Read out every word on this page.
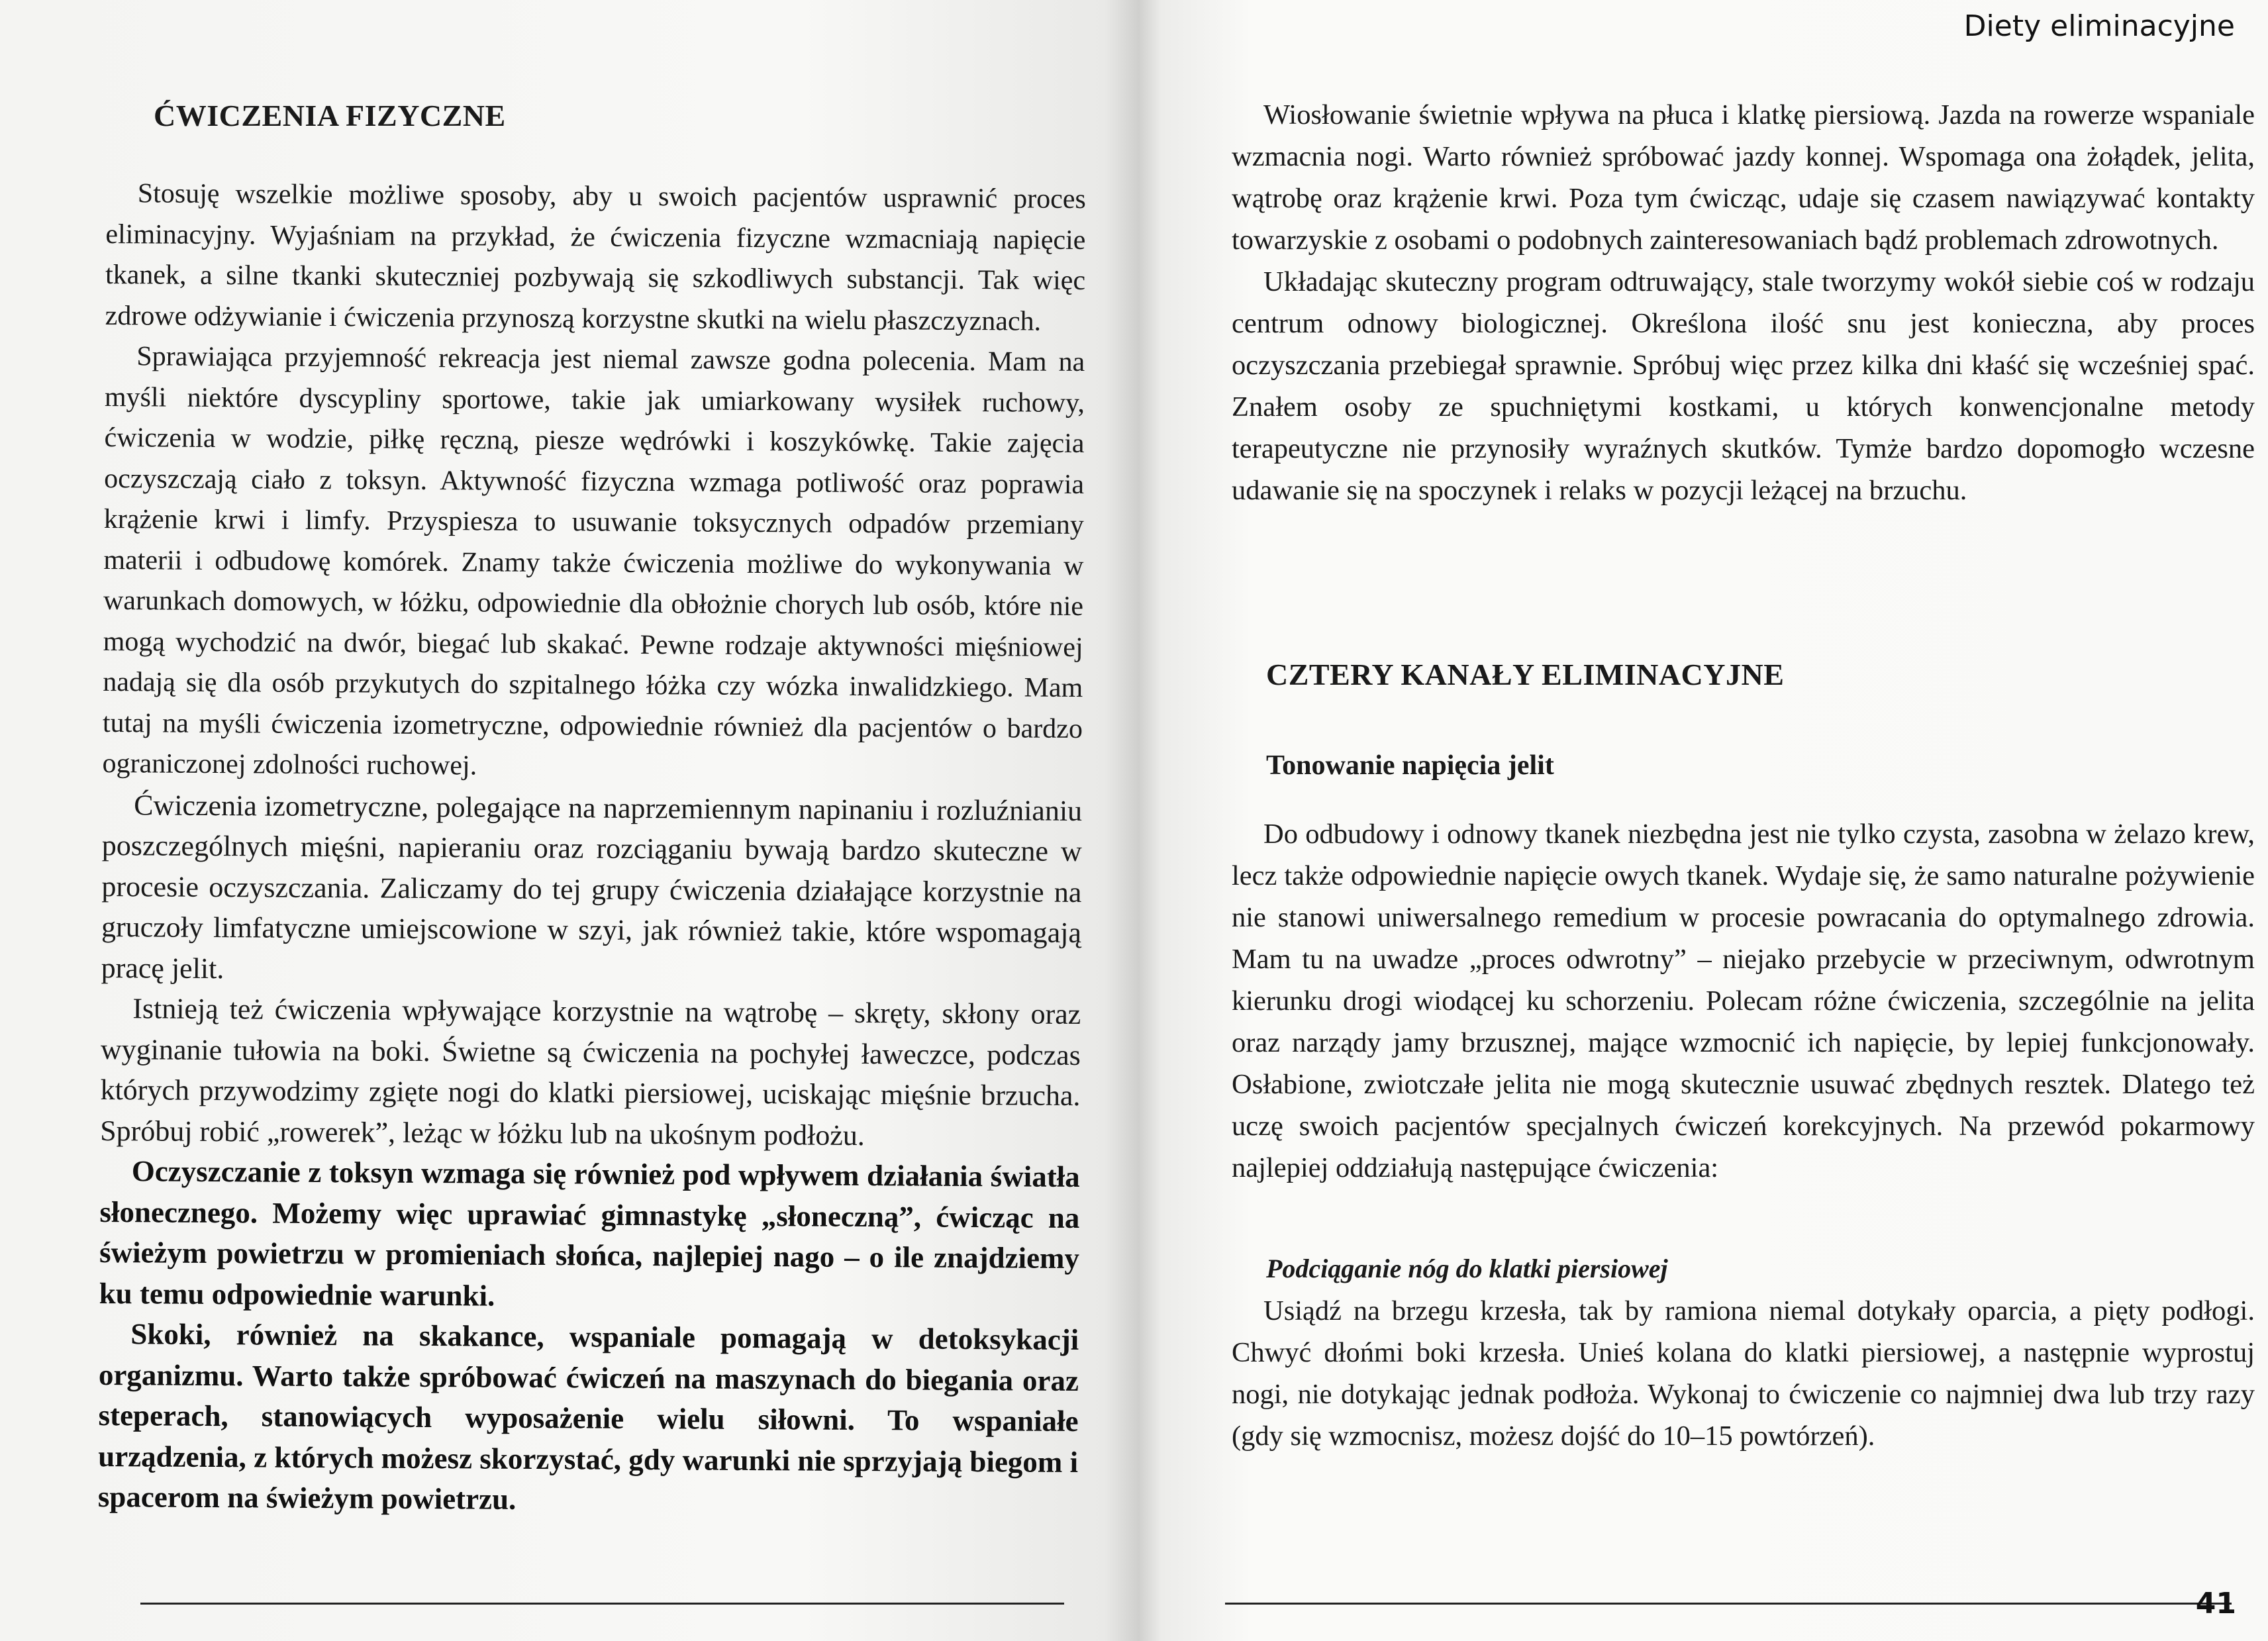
ĆWICZENIA FIZYCZNE

Stosuję wszelkie możliwe sposoby, aby u swoich pacjentów usprawnić proces eliminacyjny. Wyjaśniam na przykład, że ćwiczenia fizyczne wzmacniają napięcie tkanek, a silne tkanki skuteczniej pozbywają się szkodliwych substancji. Tak więc zdrowe odżywianie i ćwiczenia przynoszą korzystne skutki na wielu płaszczyznach.

Sprawiająca przyjemność rekreacja jest niemal zawsze godna polecenia. Mam na myśli niektóre dyscypliny sportowe, takie jak umiarkowany wysiłek ruchowy, ćwiczenia w wodzie, piłkę ręczną, piesze wędrówki i koszykówkę. Takie zajęcia oczyszczają ciało z toksyn. Aktywność fizyczna wzmaga potliwość oraz poprawia krążenie krwi i limfy. Przyspiesza to usuwanie toksycznych odpadów przemiany materii i odbudowę komórek. Znamy także ćwiczenia możliwe do wykonywania w warunkach domowych, w łóżku, odpowiednie dla obłożnie chorych lub osób, które nie mogą wychodzić na dwór, biegać lub skakać. Pewne rodzaje aktywności mięśniowej nadają się dla osób przykutych do szpitalnego łóżka czy wózka inwalidzkiego. Mam tutaj na myśli ćwiczenia izometryczne, odpowiednie również dla pacjentów o bardzo ograniczonej zdolności ruchowej.

Ćwiczenia izometryczne, polegające na naprzemiennym napinaniu i rozluźnianiu poszczególnych mięśni, napieraniu oraz rozciąganiu bywają bardzo skuteczne w procesie oczyszczania. Zaliczamy do tej grupy ćwiczenia działające korzystnie na gruczoły limfatyczne umiejscowione w szyi, jak również takie, które wspomagają pracę jelit.

Istnieją też ćwiczenia wpływające korzystnie na wątrobę – skręty, skłony oraz wyginanie tułowia na boki. Świetne są ćwiczenia na pochyłej ławeczce, podczas których przywodzimy zgięte nogi do klatki piersiowej, uciskając mięśnie brzucha. Spróbuj robić „rowerek”, leżąc w łóżku lub na ukośnym podłożu.

Oczyszczanie z toksyn wzmaga się również pod wpływem działania światła słonecznego. Możemy więc uprawiać gimnastykę „słoneczną”, ćwicząc na świeżym powietrzu w promieniach słońca, najlepiej nago – o ile znajdziemy ku temu odpowiednie warunki.

Skoki, również na skakance, wspaniale pomagają w detoksykacji organizmu. Warto także spróbować ćwiczeń na maszynach do biegania oraz steperach, stanowiących wyposażenie wielu siłowni. To wspaniałe urządzenia, z których możesz skorzystać, gdy warunki nie sprzyjają biegom i spacerom na świeżym powietrzu.

Diety eliminacyjne

Wiosłowanie świetnie wpływa na płuca i klatkę piersiową. Jazda na rowerze wspaniale wzmacnia nogi. Warto również spróbować jazdy konnej. Wspomaga ona żołądek, jelita, wątrobę oraz krążenie krwi. Poza tym ćwicząc, udaje się czasem nawiązywać kontakty towarzyskie z osobami o podobnych zainteresowaniach bądź problemach zdrowotnych.

Układając skuteczny program odtruwający, stale tworzymy wokół siebie coś w rodzaju centrum odnowy biologicznej. Określona ilość snu jest konieczna, aby proces oczyszczania przebiegał sprawnie. Spróbuj więc przez kilka dni kłaść się wcześniej spać. Znałem osoby ze spuchniętymi kostkami, u których konwencjonalne metody terapeutyczne nie przynosiły wyraźnych skutków. Tymże bardzo dopomogło wczesne udawanie się na spoczynek i relaks w pozycji leżącej na brzuchu.

CZTERY KANAŁY ELIMINACYJNE
Tonowanie napięcia jelit

Do odbudowy i odnowy tkanek niezbędna jest nie tylko czysta, zasobna w żelazo krew, lecz także odpowiednie napięcie owych tkanek. Wydaje się, że samo naturalne pożywienie nie stanowi uniwersalnego remedium w procesie powracania do optymalnego zdrowia. Mam tu na uwadze „proces odwrotny” – niejako przebycie w przeciwnym, odwrotnym kierunku drogi wiodącej ku schorzeniu. Polecam różne ćwiczenia, szczególnie na jelita oraz narządy jamy brzusznej, mające wzmocnić ich napięcie, by lepiej funkcjonowały. Osłabione, zwiotczałe jelita nie mogą skutecznie usuwać zbędnych resztek. Dlatego też uczę swoich pacjentów specjalnych ćwiczeń korekcyjnych. Na przewód pokarmowy najlepiej oddziałują następujące ćwiczenia:

Podciąganie nóg do klatki piersiowej

Usiądź na brzegu krzesła, tak by ramiona niemal dotykały oparcia, a pięty podłogi. Chwyć dłońmi boki krzesła. Unieś kolana do klatki piersiowej, a następnie wyprostuj nogi, nie dotykając jednak podłoża. Wykonaj to ćwiczenie co najmniej dwa lub trzy razy (gdy się wzmocnisz, możesz dojść do 10–15 powtórzeń).

41
